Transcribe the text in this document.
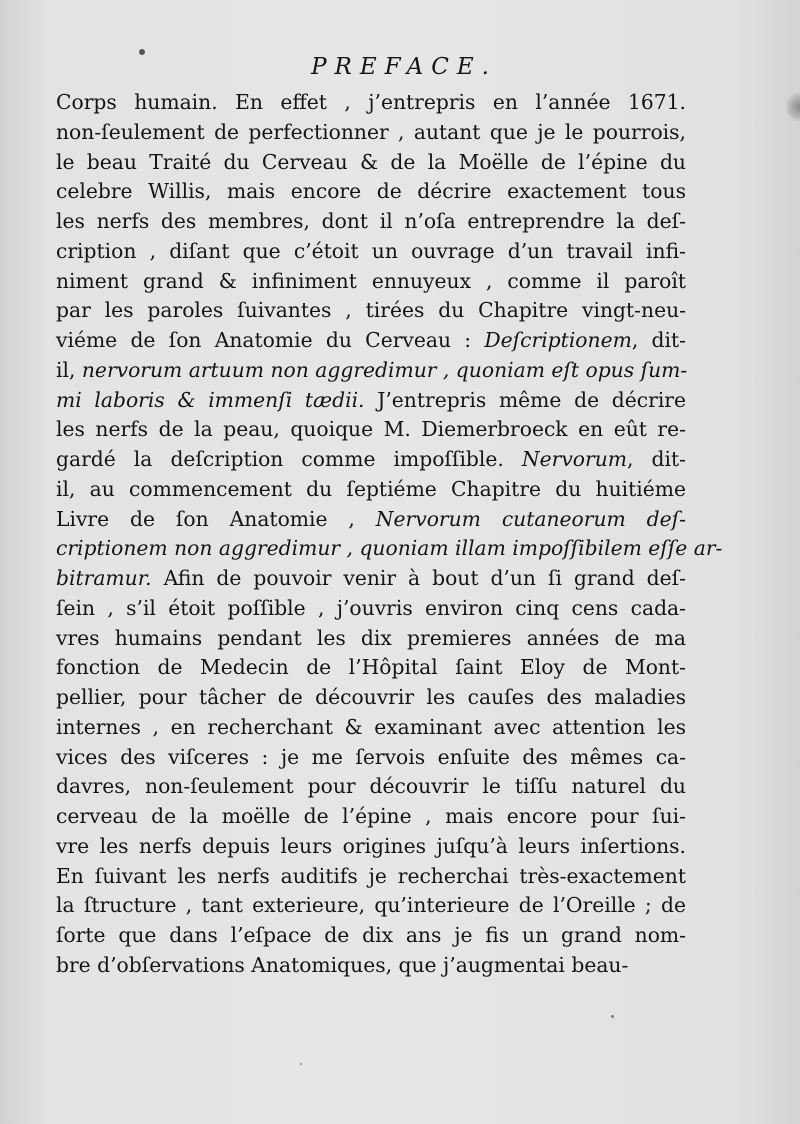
PREFACE.
Corps humain. En effet , j’entrepris en l’année 1671.
non-ſeulement de perfectionner , autant que je le pourrois,
le beau Traité du Cerveau & de la Moëlle de l’épine du
celebre Willis, mais encore de décrire exactement tous
les nerfs des membres, dont il n’oſa entreprendre la deſ-
cription , diſant que c’étoit un ouvrage d’un travail infi-
niment grand & infiniment ennuyeux , comme il paroît
par les paroles ſuivantes , tirées du Chapitre vingt-neu-
viéme de ſon Anatomie du Cerveau : Deſcriptionem, dit-
il, nervorum artuum non aggredimur , quoniam eſt opus ſum-
mi laboris & immenſi tædii. J’entrepris même de décrire
les nerfs de la peau, quoique M. Diemerbroeck en eût re-
gardé la deſcription comme impoſſible. Nervorum, dit-
il, au commencement du ſeptiéme Chapitre du huitiéme
Livre de ſon Anatomie , Nervorum cutaneorum deſ-
criptionem non aggredimur , quoniam illam impoſſibilem eſſe ar-
bitramur. Afin de pouvoir venir à bout d’un ſi grand deſ-
ſein , s’il étoit poſſible , j’ouvris environ cinq cens cada-
vres humains pendant les dix premieres années de ma
fonction de Medecin de l’Hôpital ſaint Eloy de Mont-
pellier, pour tâcher de découvrir les cauſes des maladies
internes , en recherchant & examinant avec attention les
vices des viſceres : je me ſervois enſuite des mêmes ca-
davres, non-ſeulement pour découvrir le tiſſu naturel du
cerveau de la moëlle de l’épine , mais encore pour ſui-
vre les nerfs depuis leurs origines juſqu’à leurs inſertions.
En ſuivant les nerfs auditifs je recherchai très-exactement
la ſtructure , tant exterieure, qu’interieure de l’Oreille ; de
ſorte que dans l’eſpace de dix ans je fis un grand nom-
bre d’obſervations Anatomiques, que j’augmentai beau-
